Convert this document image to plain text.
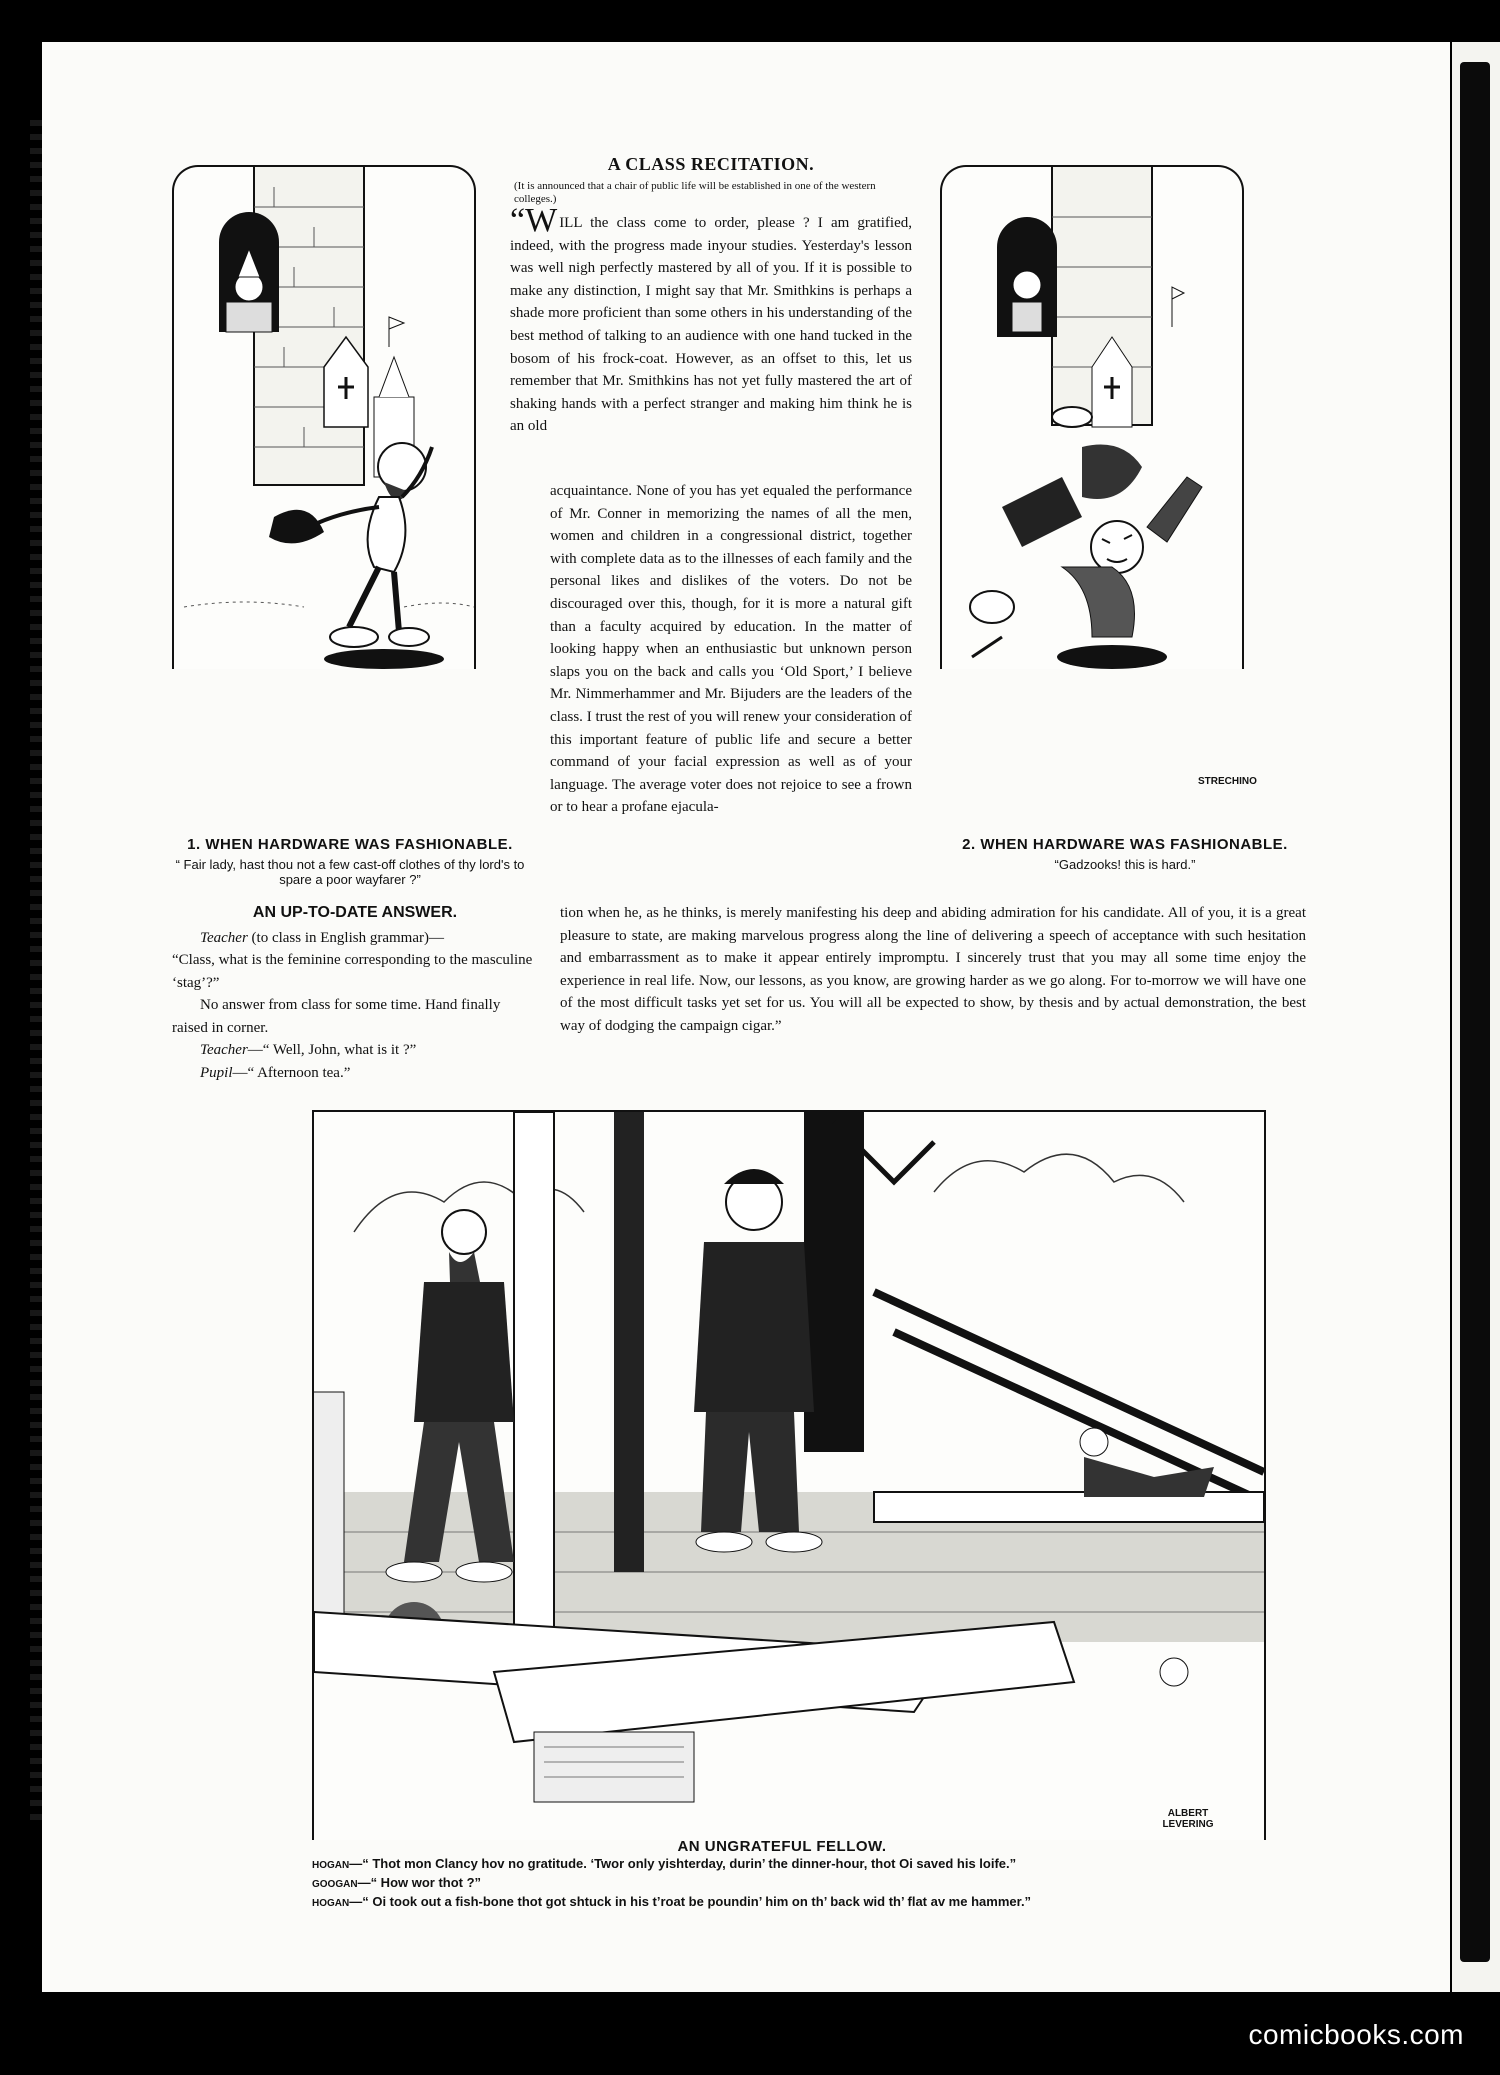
1. WHEN HARDWARE WAS FASHIONABLE.
“ Fair lady, hast thou not a few cast-off clothes of thy lord's to spare a poor wayfarer ?”
2. WHEN HARDWARE WAS FASHIONABLE.
“Gadzooks! this is hard.”
STRECHINO
A CLASS RECITATION.
(It is announced that a chair of public life will be established in one of the western colleges.)
“WILL the class come to order, please ? I am gratified, indeed, with the progress made inyour studies. Yesterday's lesson was well nigh perfectly mastered by all of you. If it is possible to make any distinction, I might say that Mr. Smithkins is perhaps a shade more proficient than some others in his understanding of the best method of talking to an audience with one hand tucked in the bosom of his frock-coat. However, as an offset to this, let us remember that Mr. Smithkins has not yet fully mastered the art of shaking hands with a perfect stranger and making him think he is an old
acquaintance. None of you has yet equaled the performance of Mr. Conner in memorizing the names of all the men, women and children in a congressional district, together with complete data as to the illnesses of each family and the personal likes and dislikes of the voters. Do not be discouraged over this, though, for it is more a natural gift than a faculty acquired by education. In the matter of looking happy when an enthusiastic but unknown person slaps you on the back and calls you ‘Old Sport,’ I believe Mr. Nimmerhammer and Mr. Bijuders are the leaders of the class. I trust the rest of you will renew your consideration of this important feature of public life and secure a better command of your facial expression as well as of your language. The average voter does not rejoice to see a frown or to hear a profane ejacula-
tion when he, as he thinks, is merely manifesting his deep and abiding admiration for his candidate. All of you, it is a great pleasure to state, are making marvelous progress along the line of delivering a speech of acceptance with such hesitation and embarrassment as to make it appear entirely impromptu. I sincerely trust that you may all some time enjoy the experience in real life. Now, our lessons, as you know, are growing harder as we go along. For to-morrow we will have one of the most difficult tasks yet set for us. You will all be expected to show, by thesis and by actual demonstration, the best way of dodging the campaign cigar.”
AN UP-TO-DATE ANSWER.

Teacher (to class in English grammar)—

“Class, what is the feminine corresponding to the masculine ‘stag’?”

No answer from class for some time. Hand finally raised in corner.

Teacher—“ Well, John, what is it ?”

Pupil—“ Afternoon tea.”

ALBERT LEVERING
AN UNGRATEFUL FELLOW.
HOGAN—“ Thot mon Clancy hov no gratitude. ‘Twor only yishterday, durin’ the dinner-hour, thot Oi saved his loife.”
GOOGAN—“ How wor thot ?”
HOGAN—“ Oi took out a fish-bone thot got shtuck in his t’roat be poundin’ him on th’ back wid th’ flat av me hammer.”
comicbooks.com
